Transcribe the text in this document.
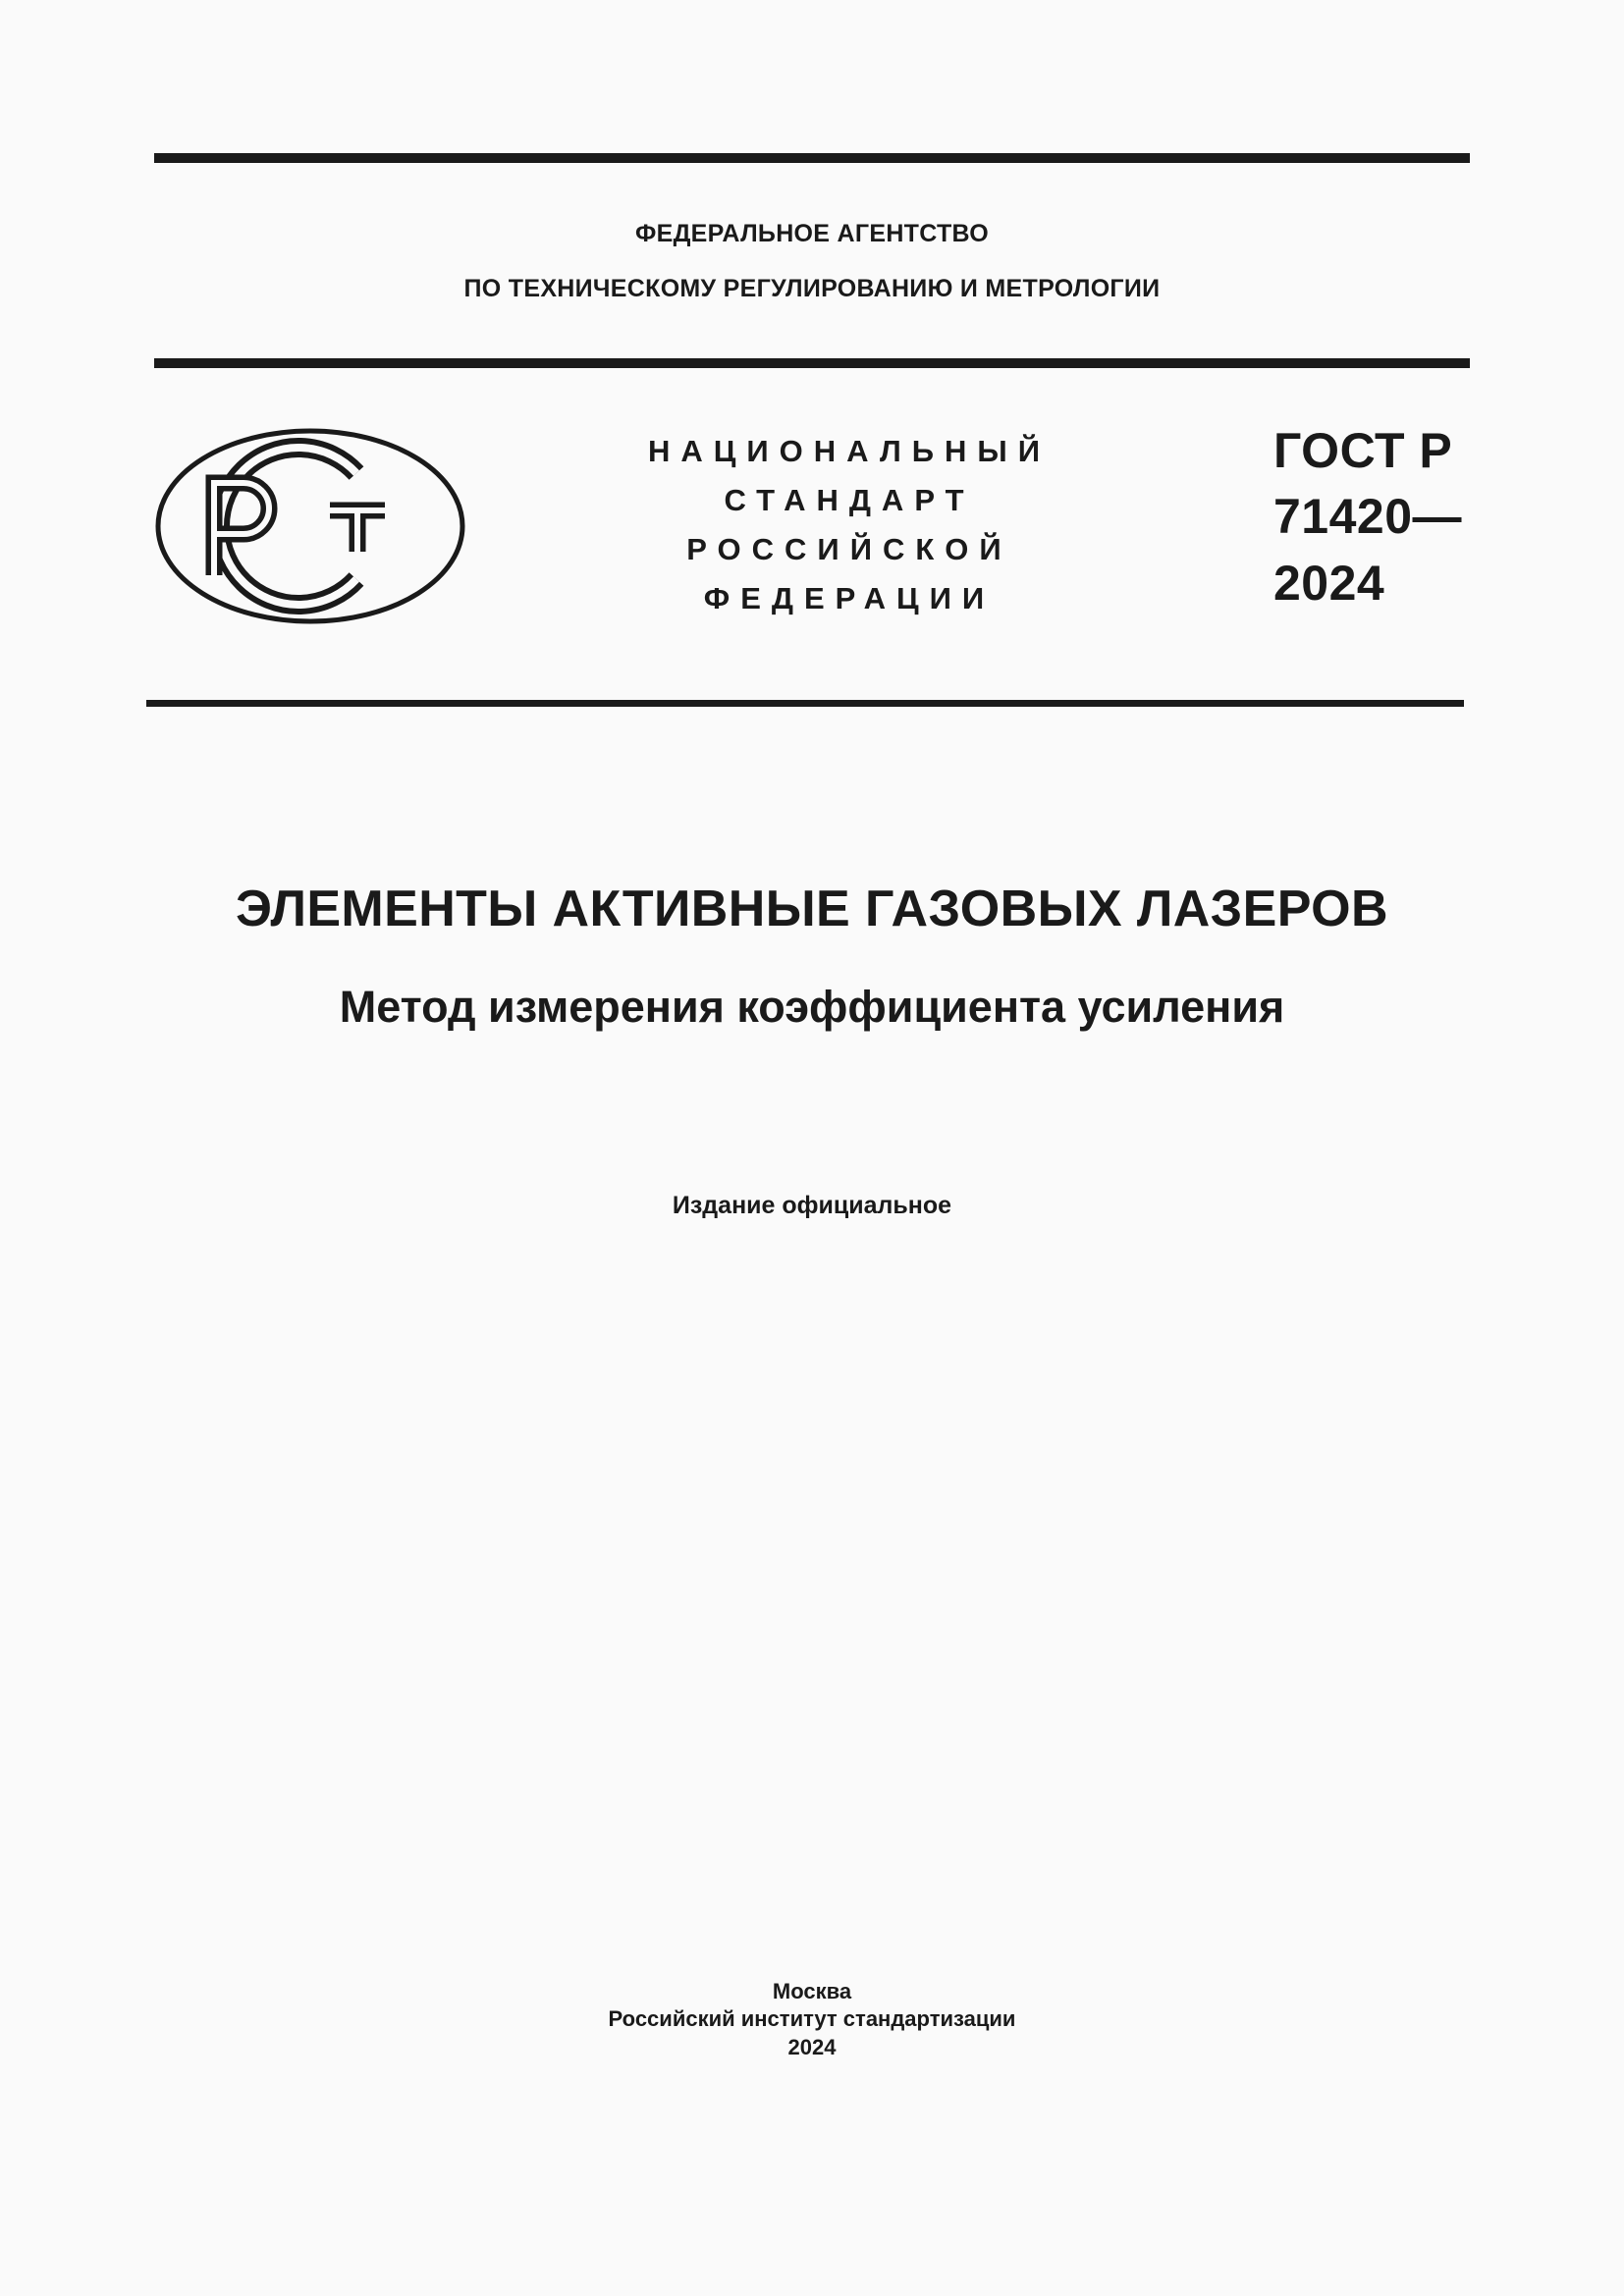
ФЕДЕРАЛЬНОЕ АГЕНТСТВО
ПО ТЕХНИЧЕСКОМУ РЕГУЛИРОВАНИЮ И МЕТРОЛОГИИ
НАЦИОНАЛЬНЫЙ
СТАНДАРТ
РОССИЙСКОЙ
ФЕДЕРАЦИИ
ГОСТ Р
71420—
2024
ЭЛЕМЕНТЫ АКТИВНЫЕ ГАЗОВЫХ ЛАЗЕРОВ
Метод измерения коэффициента усиления
Издание официальное
Москва
Российский институт стандартизации
2024
